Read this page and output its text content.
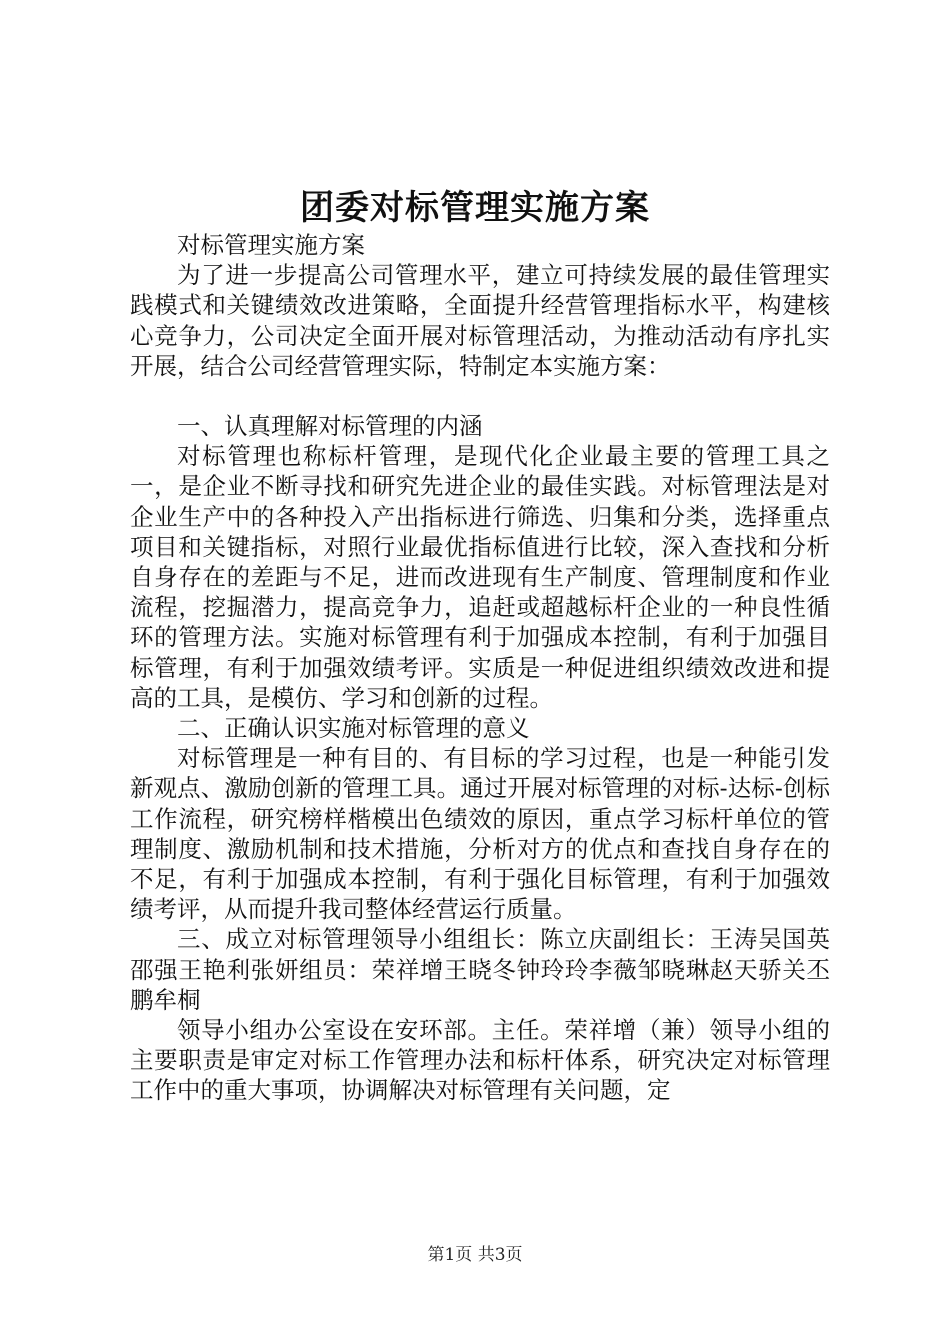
团委对标管理实施方案

对标管理实施方案

为了进一步提高公司管理水平，建立可持续发展的最佳管理实践模式和关键绩效改进策略，全面提升经营管理指标水平，构建核心竞争力，公司决定全面开展对标管理活动，为推动活动有序扎实开展，结合公司经营管理实际，特制定本实施方案：

一、认真理解对标管理的内涵

对标管理也称标杆管理，是现代化企业最主要的管理工具之一，是企业不断寻找和研究先进企业的最佳实践。对标管理法是对企业生产中的各种投入产出指标进行筛选、归集和分类，选择重点项目和关键指标，对照行业最优指标值进行比较，深入查找和分析自身存在的差距与不足，进而改进现有生产制度、管理制度和作业流程，挖掘潜力，提高竞争力，追赶或超越标杆企业的一种良性循环的管理方法。实施对标管理有利于加强成本控制，有利于加强目标管理，有利于加强效绩考评。实质是一种促进组织绩效改进和提高的工具，是模仿、学习和创新的过程。

二、正确认识实施对标管理的意义

对标管理是一种有目的、有目标的学习过程，也是一种能引发新观点、激励创新的管理工具。通过开展对标管理的对标-达标-创标工作流程，研究榜样楷模出色绩效的原因，重点学习标杆单位的管理制度、激励机制和技术措施，分析对方的优点和查找自身存在的不足，有利于加强成本控制，有利于强化目标管理，有利于加强效绩考评，从而提升我司整体经营运行质量。

三、成立对标管理领导小组组长：陈立庆副组长：王涛吴国英邵强王艳利张妍组员：荣祥增王晓冬钟玲玲李薇邹晓琳赵天骄关丕鹏牟桐

领导小组办公室设在安环部。主任。荣祥增（兼）领导小组的主要职责是审定对标工作管理办法和标杆体系，研究决定对标管理工作中的重大事项，协调解决对标管理有关问题，定

第1页 共3页
